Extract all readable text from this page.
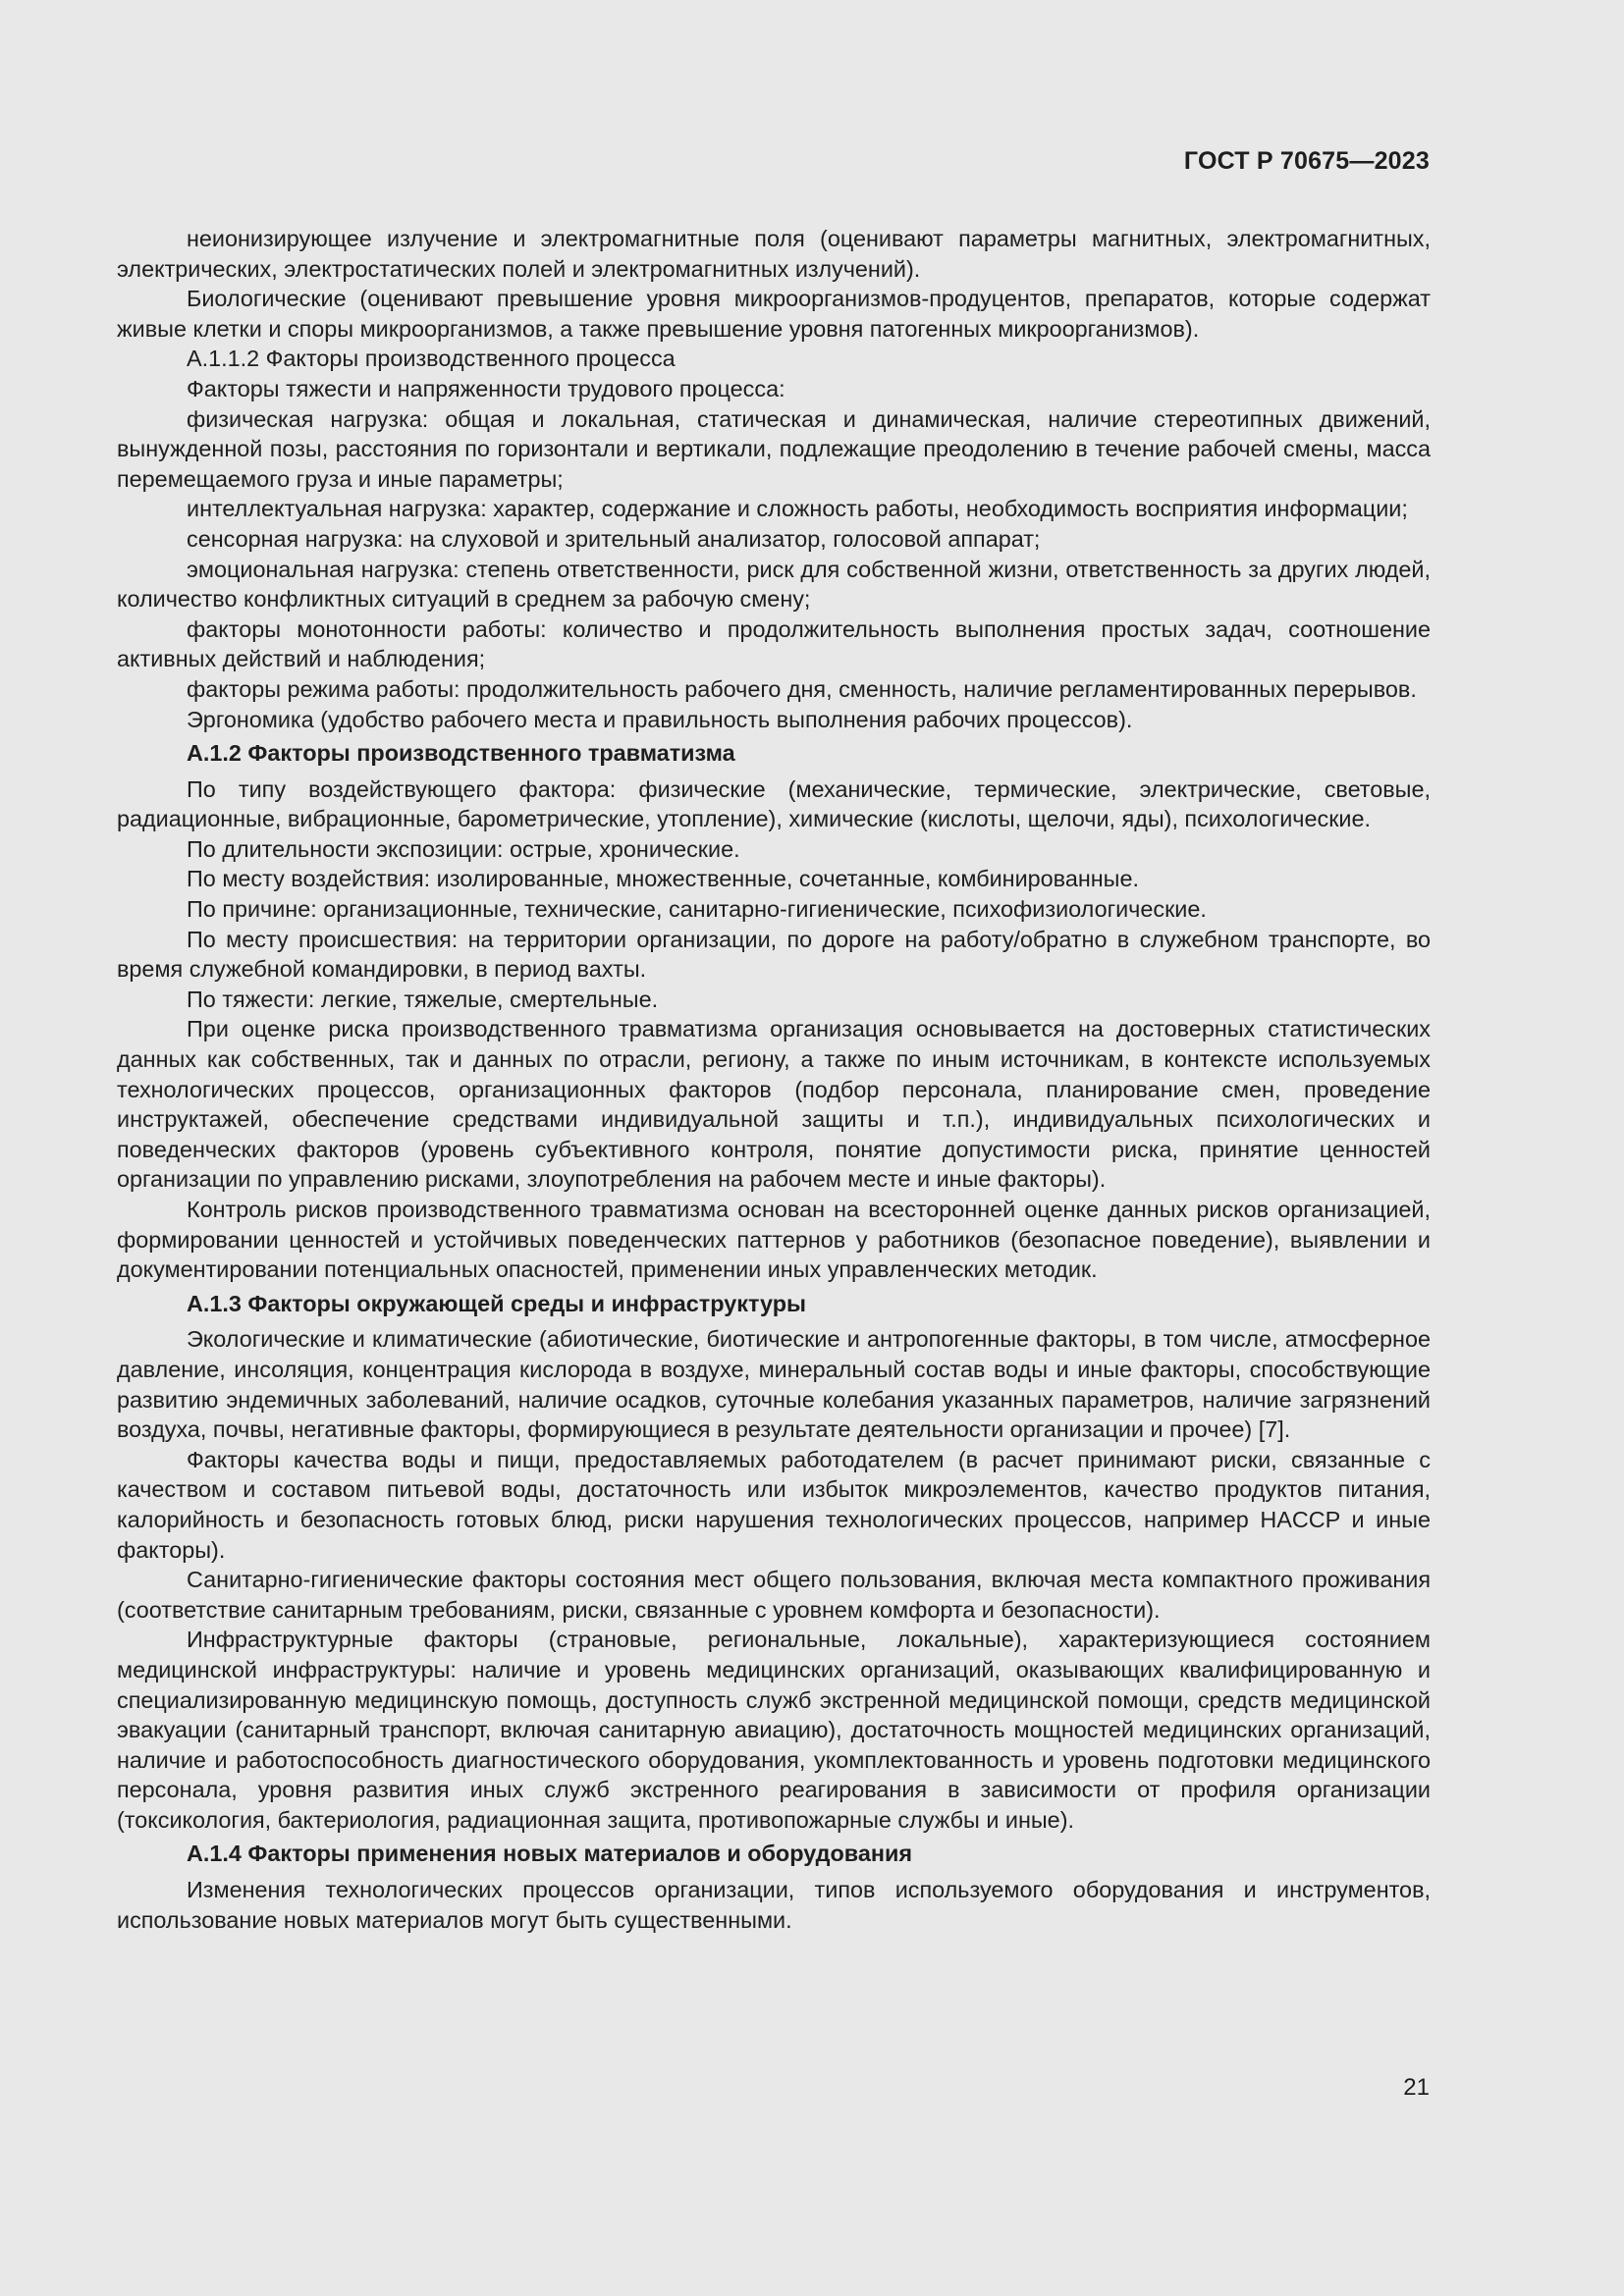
ГОСТ Р 70675—2023

неионизирующее излучение и электромагнитные поля (оценивают параметры магнитных, электромагнитных, электрических, электростатических полей и электромагнитных излучений).

Биологические (оценивают превышение уровня микроорганизмов-продуцентов, препаратов, которые содержат живые клетки и споры микроорганизмов, а также превышение уровня патогенных микроорганизмов).

А.1.1.2 Факторы производственного процесса

Факторы тяжести и напряженности трудового процесса:

физическая нагрузка: общая и локальная, статическая и динамическая, наличие стереотипных движений, вынужденной позы, расстояния по горизонтали и вертикали, подлежащие преодолению в течение рабочей смены, масса перемещаемого груза и иные параметры;

интеллектуальная нагрузка: характер, содержание и сложность работы, необходимость восприятия информации;

сенсорная нагрузка: на слуховой и зрительный анализатор, голосовой аппарат;

эмоциональная нагрузка: степень ответственности, риск для собственной жизни, ответственность за других людей, количество конфликтных ситуаций в среднем за рабочую смену;

факторы монотонности работы: количество и продолжительность выполнения простых задач, соотношение активных действий и наблюдения;

факторы режима работы: продолжительность рабочего дня, сменность, наличие регламентированных перерывов.

Эргономика (удобство рабочего места и правильность выполнения рабочих процессов).

А.1.2 Факторы производственного травматизма

По типу воздействующего фактора: физические (механические, термические, электрические, световые, радиационные, вибрационные, барометрические, утопление), химические (кислоты, щелочи, яды), психологические.

По длительности экспозиции: острые, хронические.

По месту воздействия: изолированные, множественные, сочетанные, комбинированные.

По причине: организационные, технические, санитарно-гигиенические, психофизиологические.

По месту происшествия: на территории организации, по дороге на работу/обратно в служебном транспорте, во время служебной командировки, в период вахты.

По тяжести: легкие, тяжелые, смертельные.

При оценке риска производственного травматизма организация основывается на достоверных статистических данных как собственных, так и данных по отрасли, региону, а также по иным источникам, в контексте используемых технологических процессов, организационных факторов (подбор персонала, планирование смен, проведение инструктажей, обеспечение средствами индивидуальной защиты и т.п.), индивидуальных психологических и поведенческих факторов (уровень субъективного контроля, понятие допустимости риска, принятие ценностей организации по управлению рисками, злоупотребления на рабочем месте и иные факторы).

Контроль рисков производственного травматизма основан на всесторонней оценке данных рисков организацией, формировании ценностей и устойчивых поведенческих паттернов у работников (безопасное поведение), выявлении и документировании потенциальных опасностей, применении иных управленческих методик.

А.1.3 Факторы окружающей среды и инфраструктуры

Экологические и климатические (абиотические, биотические и антропогенные факторы, в том числе, атмосферное давление, инсоляция, концентрация кислорода в воздухе, минеральный состав воды и иные факторы, способствующие развитию эндемичных заболеваний, наличие осадков, суточные колебания указанных параметров, наличие загрязнений воздуха, почвы, негативные факторы, формирующиеся в результате деятельности организации и прочее) [7].

Факторы качества воды и пищи, предоставляемых работодателем (в расчет принимают риски, связанные с качеством и составом питьевой воды, достаточность или избыток микроэлементов, качество продуктов питания, калорийность и безопасность готовых блюд, риски нарушения технологических процессов, например HACCP и иные факторы).

Санитарно-гигиенические факторы состояния мест общего пользования, включая места компактного проживания (соответствие санитарным требованиям, риски, связанные с уровнем комфорта и безопасности).

Инфраструктурные факторы (страновые, региональные, локальные), характеризующиеся состоянием медицинской инфраструктуры: наличие и уровень медицинских организаций, оказывающих квалифицированную и специализированную медицинскую помощь, доступность служб экстренной медицинской помощи, средств медицинской эвакуации (санитарный транспорт, включая санитарную авиацию), достаточность мощностей медицинских организаций, наличие и работоспособность диагностического оборудования, укомплектованность и уровень подготовки медицинского персонала, уровня развития иных служб экстренного реагирования в зависимости от профиля организации (токсикология, бактериология, радиационная защита, противопожарные службы и иные).

А.1.4 Факторы применения новых материалов и оборудования

Изменения технологических процессов организации, типов используемого оборудования и инструментов, использование новых материалов могут быть существенными.

21
